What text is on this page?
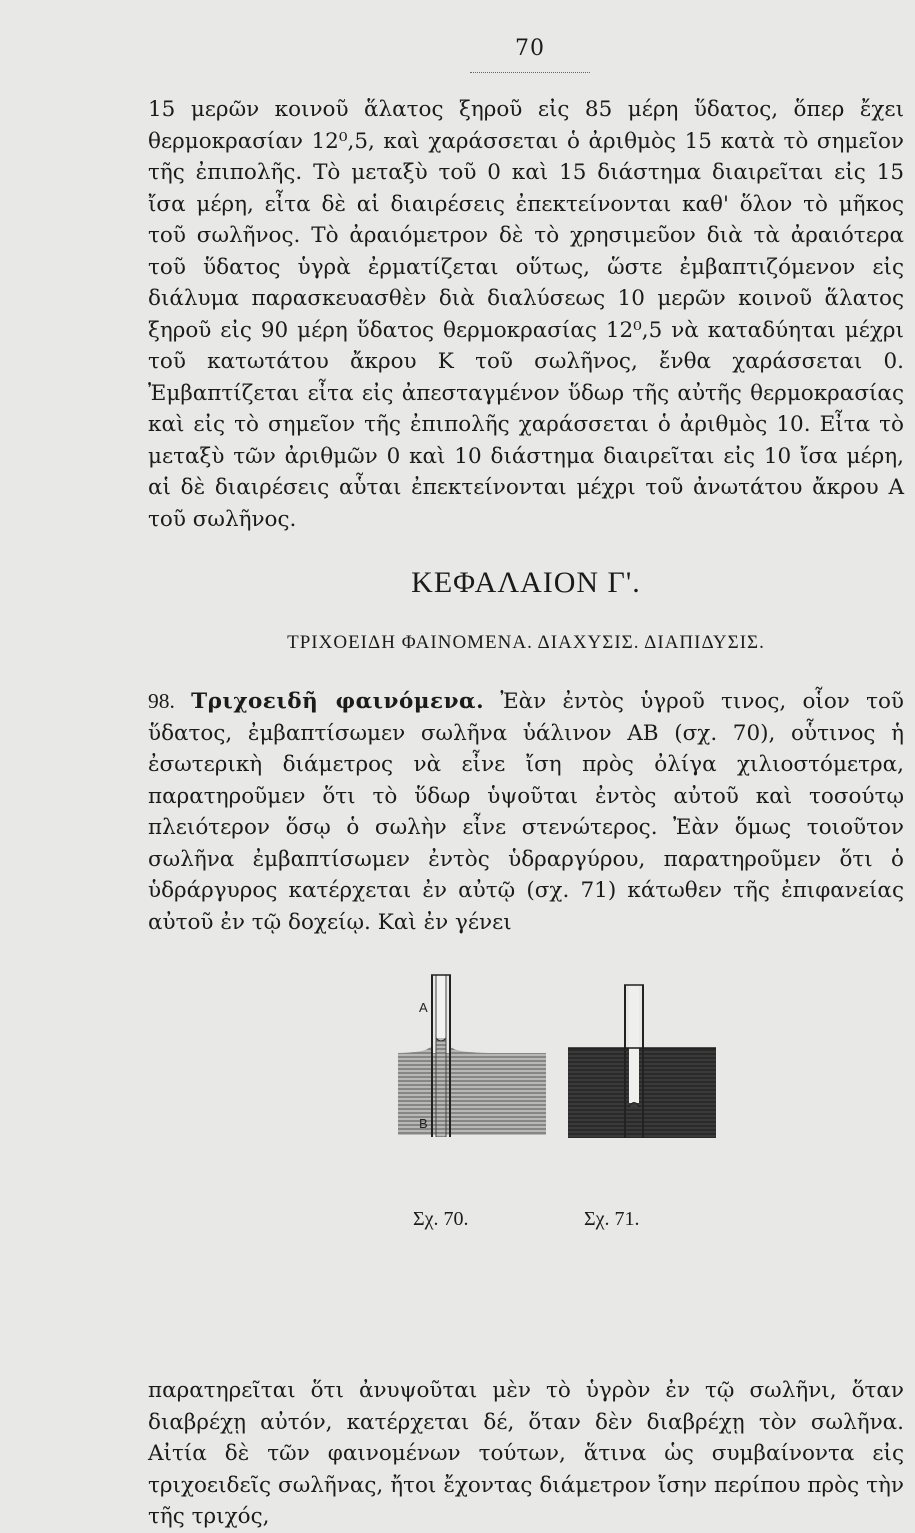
70
15 μερῶν κοινοῦ ἅλατος ξηροῦ εἰς 85 μέρη ὕδατος, ὅπερ ἔχει θερμοκρασίαν 12⁰,5, καὶ χαράσσεται ὁ ἀριθμὸς 15 κατὰ τὸ σημεῖον τῆς ἐπιπολῆς. Τὸ μεταξὺ τοῦ 0 καὶ 15 διάστημα διαιρεῖται εἰς 15 ἴσα μέρη, εἶτα δὲ αἱ διαιρέσεις ἐπεκτείνονται καθ' ὅλον τὸ μῆκος τοῦ σωλῆνος. Τὸ ἀραιόμετρον δὲ τὸ χρησιμεῦον διὰ τὰ ἀραιότερα τοῦ ὕδατος ὑγρὰ ἐρματίζεται οὕτως, ὥστε ἐμβαπτιζόμενον εἰς διάλυμα παρασκευασθὲν διὰ διαλύσεως 10 μερῶν κοινοῦ ἅλατος ξηροῦ εἰς 90 μέρη ὕδατος θερμοκρασίας 12⁰,5 νὰ καταδύηται μέχρι τοῦ κατωτάτου ἄκρου Κ τοῦ σωλῆνος, ἔνθα χαράσσεται 0. Ἐμβαπτίζεται εἶτα εἰς ἀπεσταγμένον ὕδωρ τῆς αὐτῆς θερμοκρασίας καὶ εἰς τὸ σημεῖον τῆς ἐπιπολῆς χαράσσεται ὁ ἀριθμὸς 10. Εἶτα τὸ μεταξὺ τῶν ἀριθμῶν 0 καὶ 10 διάστημα διαιρεῖται εἰς 10 ἴσα μέρη, αἱ δὲ διαιρέσεις αὗται ἐπεκτείνονται μέχρι τοῦ ἀνωτάτου ἄκρου Α τοῦ σωλῆνος.
ΚΕΦΑΛΑΙΟΝ Γ'.
ΤΡΙΧΟΕΙΔΗ ΦΑΙΝΟΜΕΝΑ. ΔΙΑΧΥΣΙΣ. ΔΙΑΠΙΔΥΣΙΣ.
98. Τριχοειδῆ φαινόμενα. Ἐὰν ἐντὸς ὑγροῦ τινος, οἷον τοῦ ὕδατος, ἐμβαπτίσωμεν σωλῆνα ὑάλινον ΑΒ (σχ. 70), οὗτινος ἡ ἐσωτερικὴ διάμετρος νὰ εἶνε ἴση πρὸς ὀλίγα χιλιοστόμετρα, παρατηροῦμεν ὅτι τὸ ὕδωρ ὑψοῦται ἐντὸς αὐτοῦ καὶ τοσούτῳ πλειότερον ὅσῳ ὁ σωλὴν εἶνε στενώτερος. Ἐὰν ὅμως τοιοῦτον σωλῆνα ἐμβαπτίσωμεν ἐντὸς ὑδραργύρου, παρατηροῦμεν ὅτι ὁ ὑδράργυρος κατέρχεται ἐν αὐτῷ (σχ. 71) κάτωθεν τῆς ἐπιφανείας αὐτοῦ ἐν τῷ δοχείῳ. Καὶ ἐν γένει
A
B
Σχ. 70.	Σχ. 71.
παρατηρεῖται ὅτι ἀνυψοῦται μὲν τὸ ὑγρὸν ἐν τῷ σωλῆνι, ὅταν διαβρέχῃ αὐτόν, κατέρχεται δέ, ὅταν δὲν διαβρέχῃ τὸν σωλῆνα. Αἰτία δὲ τῶν φαινομένων τούτων, ἅτινα ὡς συμβαίνοντα εἰς τριχοειδεῖς σωλῆνας, ἤτοι ἔχοντας διάμετρον ἴσην περίπου πρὸς τὴν τῆς τριχός,
